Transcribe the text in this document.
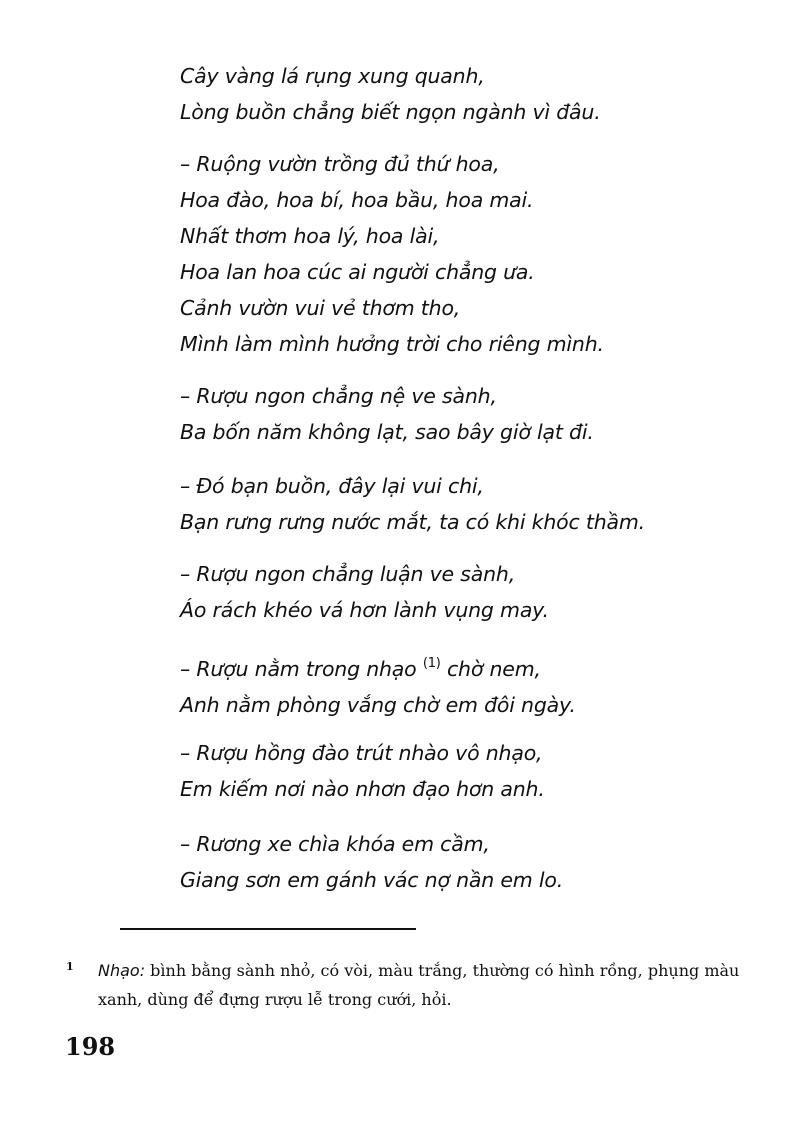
Cây vàng lá rụng xung quanh,
Lòng buồn chẳng biết ngọn ngành vì đâu.
– Ruộng vườn trồng đủ thứ hoa,
Hoa đào, hoa bí, hoa bầu, hoa mai.
Nhất thơm hoa lý, hoa lài,
Hoa lan hoa cúc ai người chẳng ưa.
Cảnh vườn vui vẻ thơm tho,
Mình làm mình hưởng trời cho riêng mình.
– Rượu ngon chẳng nệ ve sành,
Ba bốn năm không lạt, sao bây giờ lạt đi.
– Đó bạn buồn, đây lại vui chi,
Bạn rưng rưng nước mắt, ta có khi khóc thầm.
– Rượu ngon chẳng luận ve sành,
Áo rách khéo vá hơn lành vụng may.
– Rượu nằm trong nhạo $^{(1)}$ chờ nem,
Anh nằm phòng vắng chờ em đôi ngày.
– Rượu hồng đào trút nhào vô nhạo,
Em kiếm nơi nào nhơn đạo hơn anh.
– Rương xe chìa khóa em cầm,
Giang sơn em gánh vác nợ nần em lo.
1 Nhạo: bình bằng sành nhỏ, có vòi, màu trắng, thường có hình rồng, phụng màu xanh, dùng để đựng rượu lễ trong cưới, hỏi.
198
